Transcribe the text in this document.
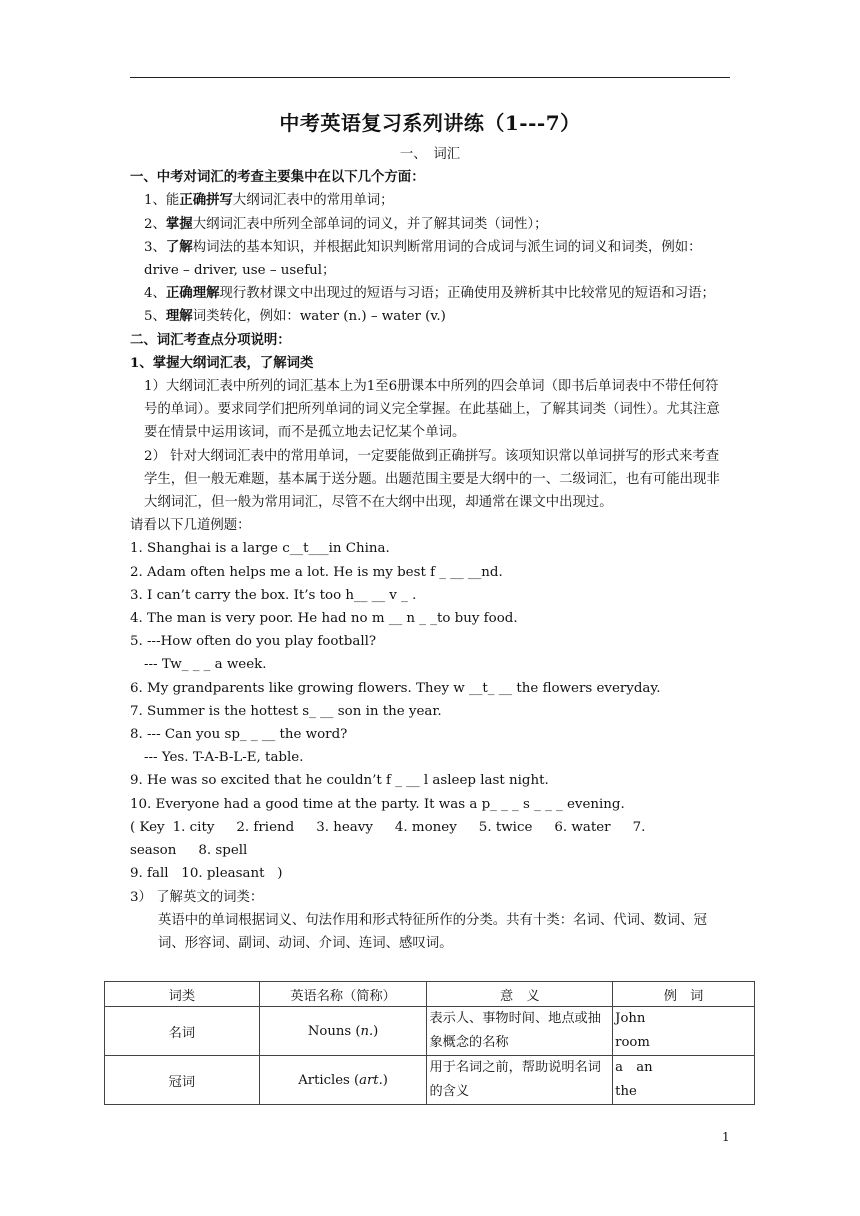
中考英语复习系列讲练（1---7）
一、　词汇
一、中考对词汇的考查主要集中在以下几个方面：

1、能正确拼写大纲词汇表中的常用单词；

2、掌握大纲词汇表中所列全部单词的词义，并了解其词类（词性）；

3、了解构词法的基本知识，并根据此知识判断常用词的合成词与派生词的词义和词类，例如：drive – driver, use – useful；

4、正确理解现行教材课文中出现过的短语与习语；正确使用及辨析其中比较常见的短语和习语；

5、理解词类转化，例如：water (n.) – water (v.)

二、词汇考查点分项说明：
1、掌握大纲词汇表，了解词类

1）大纲词汇表中所列的词汇基本上为1至6册课本中所列的四会单词（即书后单词表中不带任何符号的单词）。要求同学们把所列单词的词义完全掌握。在此基础上，了解其词类（词性）。尤其注意要在情景中运用该词，而不是孤立地去记忆某个单词。

2） 针对大纲词汇表中的常用单词，一定要能做到正确拼写。该项知识常以单词拼写的形式来考查学生，但一般无难题，基本属于送分题。出题范围主要是大纲中的一、二级词汇，也有可能出现非大纲词汇，但一般为常用词汇，尽管不在大纲中出现，却通常在课文中出现过。

请看以下几道例题：

1. Shanghai is a large c__t___in China.

2. Adam often helps me a lot. He is my best f _ __ __nd.

3. I can’t carry the box. It’s too h__ __ v _ .

4. The man is very poor. He had no m __ n _ _to buy food.

5. ---How often do you play football?

--- Tw_ _ _ a week.

6. My grandparents like growing flowers. They w __t_ __ the flowers everyday.

7. Summer is the hottest s_ __ son in the year.

8. --- Can you sp_ _ __ the word?

--- Yes. T-A-B-L-E, table.

9. He was so excited that he couldn’t f _ __ l asleep last night.

10. Everyone had a good time at the party. It was a p_ _ _ s _ _ _ evening.

( Key 1. city 2. friend 3. heavy 4. money 5. twice 6. water 7. season 8. spell

9. fall   10. pleasant   )

3） 了解英文的词类：

英语中的单词根据词义、句法作用和形式特征所作的分类。共有十类：名词、代词、数词、冠词、形容词、副词、动词、介词、连词、感叹词。

词类	英语名称（简称）	意　义	例　词
名词	Nouns (n.)	表示人、事物时间、地点或抽象概念的名称	John
room

冠词	Articles (art.)	用于名词之前，帮助说明名词的含义	a　an
the
1
